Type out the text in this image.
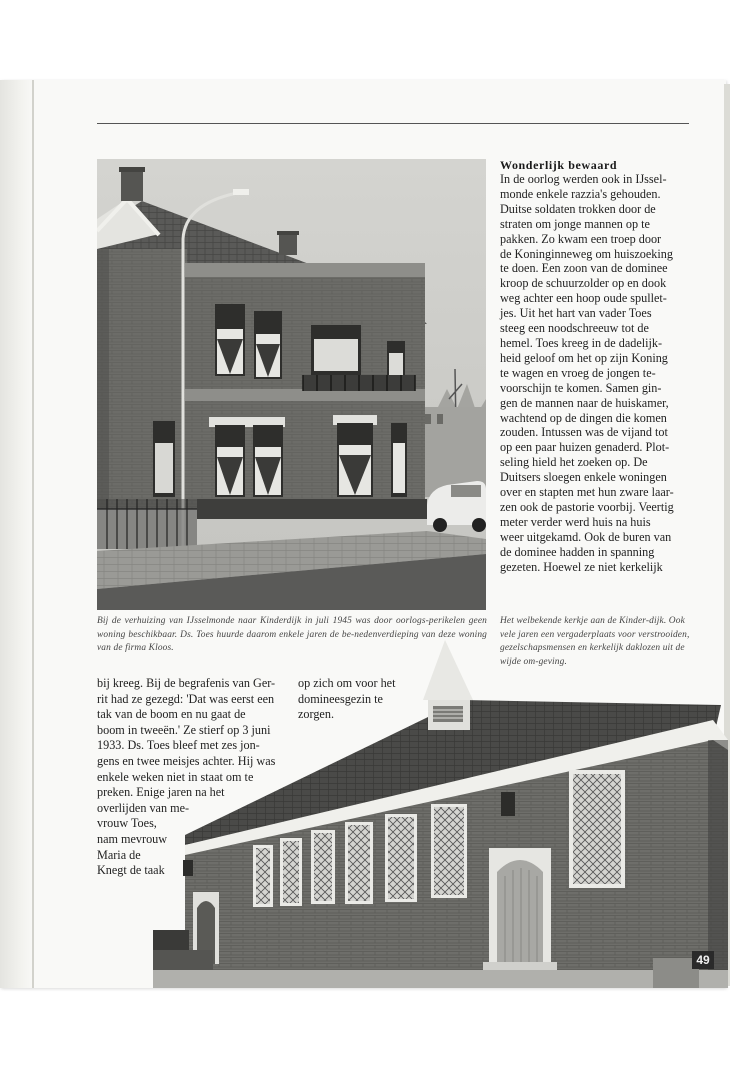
Wonderlijk bewaard
In de oorlog werden ook in IJssel-
monde enkele razzia's gehouden.
Duitse soldaten trokken door de
straten om jonge mannen op te
pakken. Zo kwam een troep door
de Koninginneweg om huiszoeking
te doen. Een zoon van de dominee
kroop de schuurzolder op en dook
weg achter een hoop oude spullet-
jes. Uit het hart van vader Toes
steeg een noodschreeuw tot de
hemel. Toes kreeg in de dadelijk-
heid geloof om het op zijn Koning
te wagen en vroeg de jongen te-
voorschijn te komen. Samen gin-
gen de mannen naar de huiskamer,
wachtend op de dingen die komen
zouden. Intussen was de vijand tot
op een paar huizen genaderd. Plot-
seling hield het zoeken op. De
Duitsers sloegen enkele woningen
over en stapten met hun zware laar-
zen ook de pastorie voorbij. Veertig
meter verder werd huis na huis
weer uitgekamd. Ook de buren van
de dominee hadden in spanning
gezeten. Hoewel ze niet kerkelijk
Bij de verhuizing van IJsselmonde naar Kinderdijk in juli 1945 was door oorlogs-perikelen geen woning beschikbaar. Ds. Toes huurde daarom enkele jaren de be-nedenverdieping van deze woning van de firma Kloos.
Het welbekende kerkje aan de Kinder-dijk. Ook vele jaren een vergaderplaats voor verstrooiden, gezelschapsmensen en kerkelijk daklozen uit de wijde om-geving.
bij kreeg. Bij de begrafenis van Ger-
rit had ze gezegd: 'Dat was eerst een
tak van de boom en nu gaat de
boom in tweeën.' Ze stierf op 3 juni
1933. Ds. Toes bleef met zes jon-
gens en twee meisjes achter. Hij was
enkele weken niet in staat om te
preken. Enige jaren na het
overlijden van me-
vrouw Toes,
nam mevrouw
Maria de
Knegt de taak
op zich om voor het
domineesgezin te
zorgen.
49
